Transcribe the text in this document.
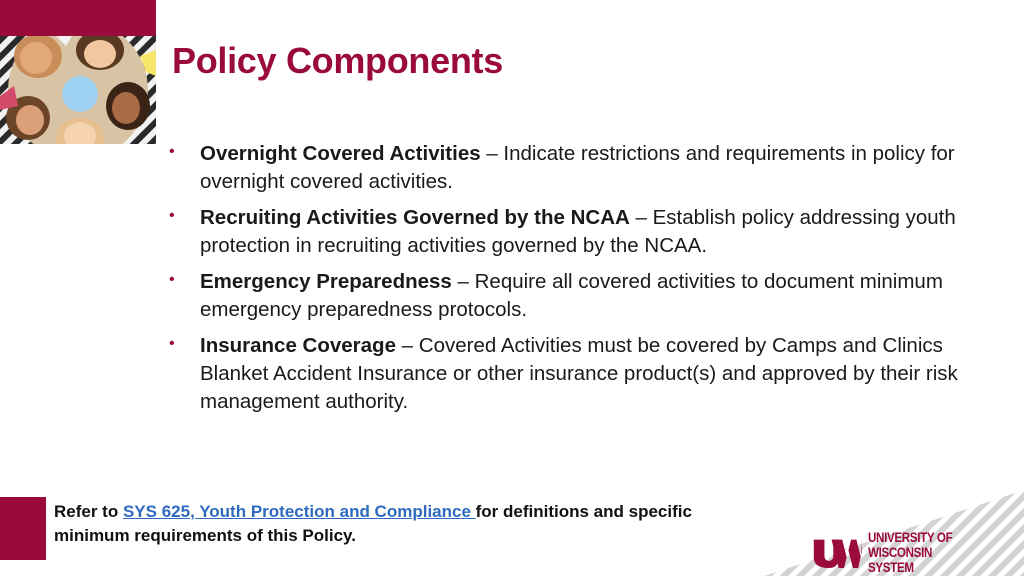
Policy Components
•	Overnight Covered Activities – Indicate restrictions and requirements in policy for overnight covered activities.
•	Recruiting Activities Governed by the NCAA – Establish policy addressing youth protection in recruiting activities governed by the NCAA.
•	Emergency Preparedness – Require all covered activities to document minimum emergency preparedness protocols.
•	Insurance Coverage – Covered Activities must be covered by Camps and Clinics Blanket Accident Insurance or other insurance product(s) and approved by their risk management authority.

Refer to SYS 625, Youth Protection and Compliance for definitions and specific minimum requirements of this Policy.	UNIVERSITY OF
WISCONSIN SYSTEM
